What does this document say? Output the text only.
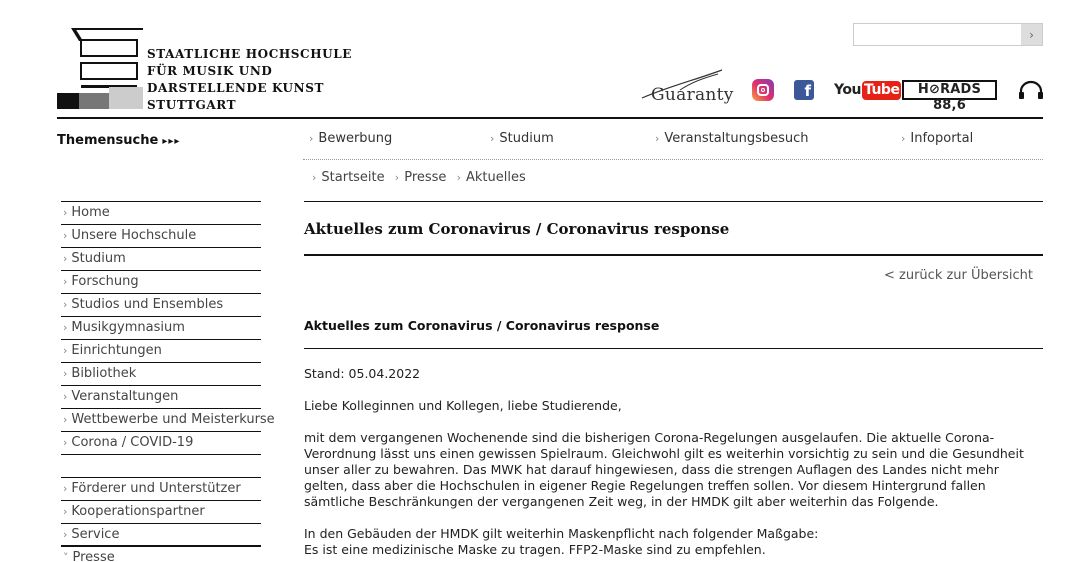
STAATLICHE HOCHSCHULE
FÜR MUSIK UND
DARSTELLENDE KUNST
STUTTGART
›
Guaranty	f You Tube	H⊘RADS 88,6
Themensuche ▸▸▸	› Bewerbung	› Studium	› Veranstaltungsbesuch	› Infoportal
› Startseite › Presse › Aktuelles
› Home
› Unsere Hochschule
› Studium
› Forschung
› Studios und Ensembles
› Musikgymnasium
› Einrichtungen
› Bibliothek
› Veranstaltungen
› Wettbewerbe und Meisterkurse
› Corona / COVID-19
› Förderer und Unterstützer
› Kooperationspartner
› Service
˅ Presse
Aktuelles zum Coronavirus / Coronavirus response
< zurück zur Übersicht
Aktuelles zum Coronavirus / Coronavirus response

Stand: 05.04.2022

Liebe Kolleginnen und Kollegen, liebe Studierende,

mit dem vergangenen Wochenende sind die bisherigen Corona-Regelungen ausgelaufen. Die aktuelle Corona-Verordnung lässt uns einen gewissen Spielraum. Gleichwohl gilt es weiterhin vorsichtig zu sein und die Gesundheit unser aller zu bewahren. Das MWK hat darauf hingewiesen, dass die strengen Auflagen des Landes nicht mehr gelten, dass aber die Hochschulen in eigener Regie Regelungen treffen sollen. Vor diesem Hintergrund fallen sämtliche Beschränkungen der vergangenen Zeit weg, in der HMDK gilt aber weiterhin das Folgende.

In den Gebäuden der HMDK gilt weiterhin Maskenpflicht nach folgender Maßgabe:

Es ist eine medizinische Maske zu tragen. FFP2-Maske sind zu empfehlen.
